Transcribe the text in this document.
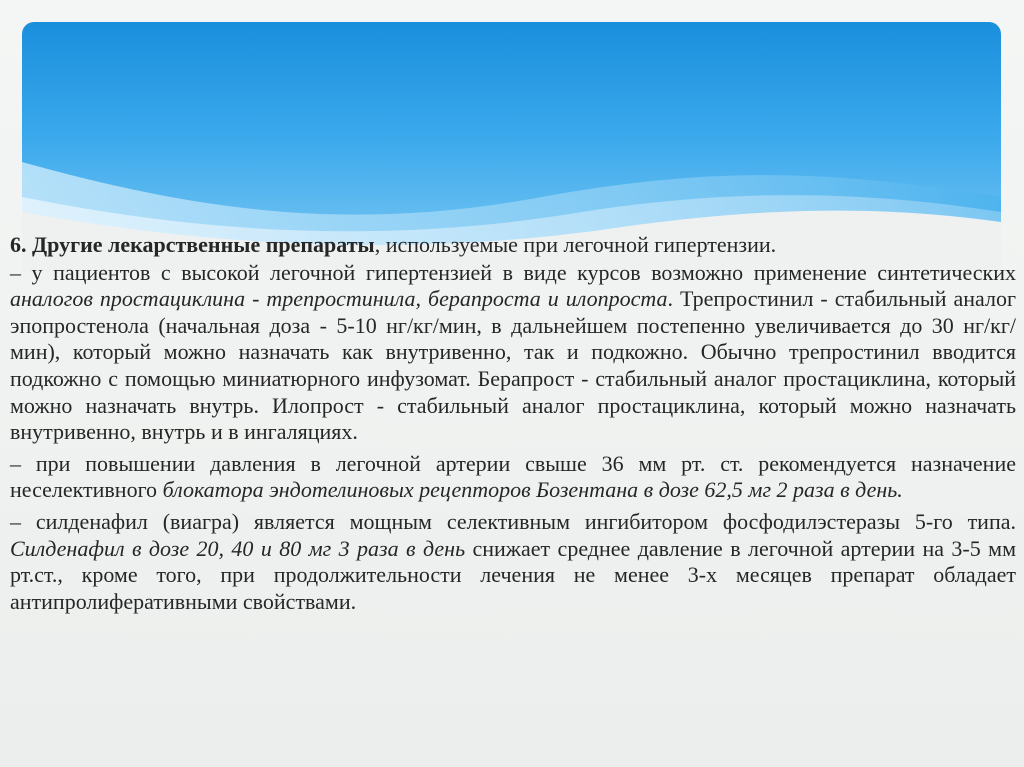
6. Другие лекарственные препараты, используемые при легочной гипертензии.

– у пациентов с высокой легочной гипертензией в виде курсов возможно применение синтетических аналогов простациклина - трепростинила, берапроста и илопроста. Трепростинил - стабильный аналог эпопростенола (начальная доза - 5-10 нг/кг/мин, в дальнейшем постепенно увеличивается до 30 нг/кг/мин), который можно назначать как внутривенно, так и подкожно. Обычно трепростинил вводится подкожно с помощью миниатюрного инфузомат. Берапрост - стабильный аналог простациклина, который можно назначать внутрь. Илопрост - стабильный аналог простациклина, который можно назначать внутривенно, внутрь и в ингаляциях.

– при повышении давления в легочной артерии свыше 36 мм рт. ст. рекомендуется назначение неселективного блокатора эндотелиновых рецепторов Бозентана в дозе 62,5 мг 2 раза в день.

– силденафил (виагра) является мощным селективным ингибитором фосфодилэстеразы 5-го типа. Силденафил в дозе 20, 40 и 80 мг 3 раза в день снижает среднее давление в легочной артерии на 3-5 мм рт.ст., кроме того, при продолжительности лечения не менее 3-х месяцев препарат обладает антипролиферативными свойствами.
